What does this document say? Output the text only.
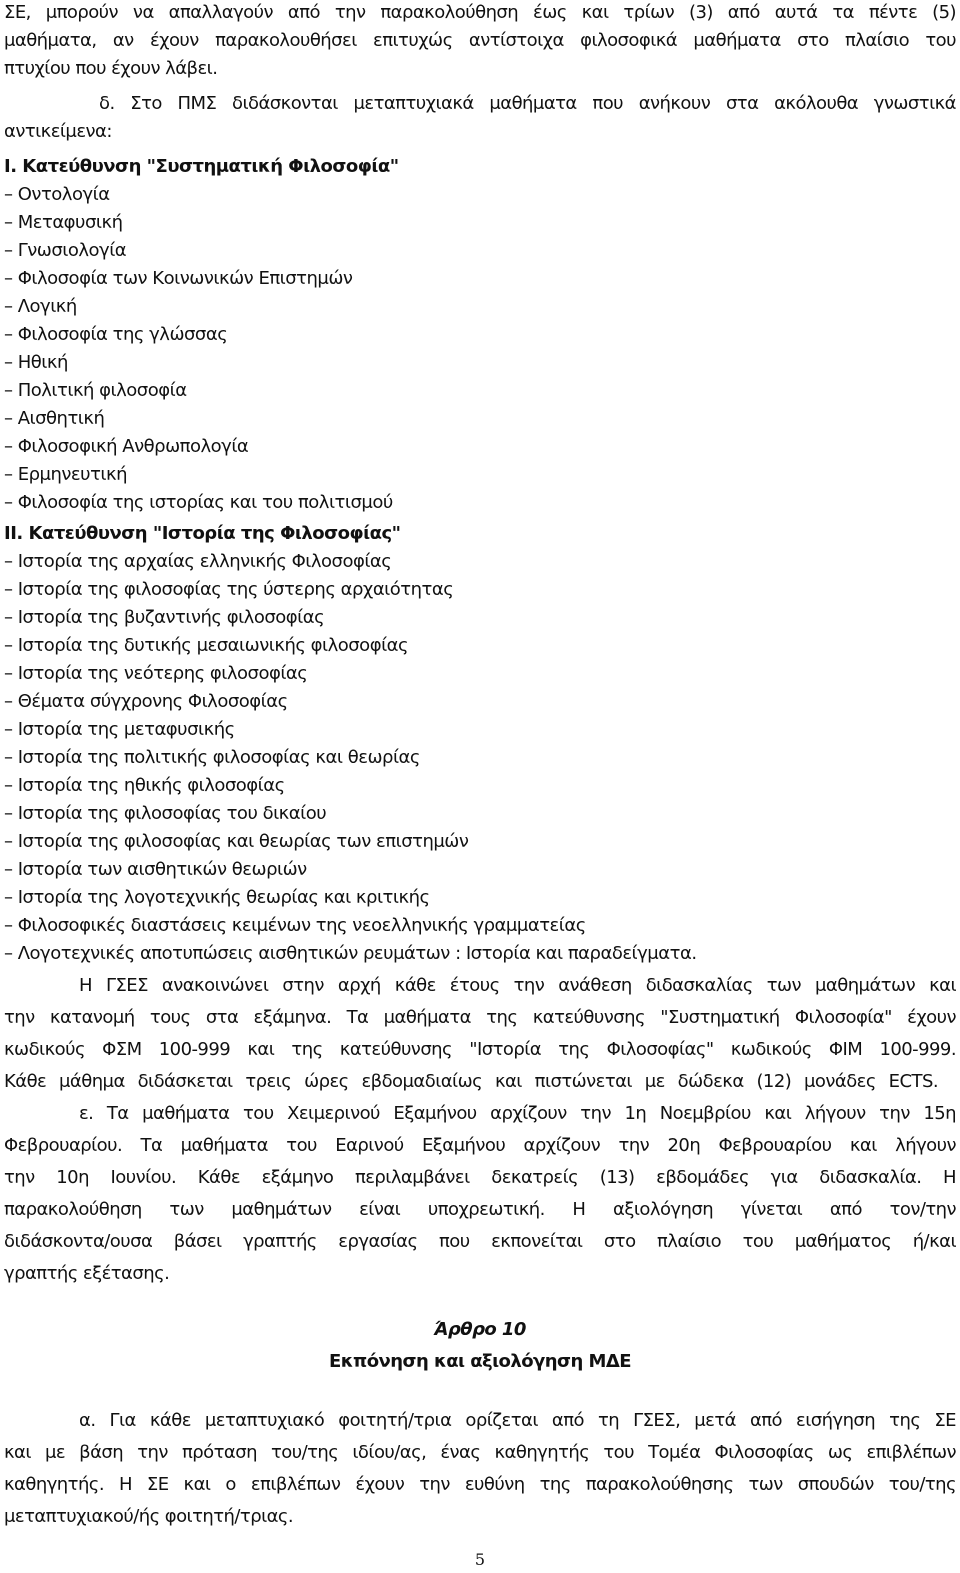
ΣΕ, μπορούν να απαλλαγούν από την παρακολούθηση έως και τρίων (3) από αυτά τα πέντε (5)
μαθήματα, αν έχουν παρακολουθήσει επιτυχώς αντίστοιχα φιλοσοφικά μαθήματα στο πλαίσιο του
πτυχίου που έχουν λάβει.
δ. Στο ΠΜΣ διδάσκονται μεταπτυχιακά μαθήματα που ανήκουν στα ακόλουθα γνωστικά
αντικείμενα:
Ι. Κατεύθυνση "Συστηματική Φιλοσοφία"
– Οντολογία
– Μεταφυσική
– Γνωσιολογία
– Φιλοσοφία των Κοινωνικών Επιστημών
– Λογική
– Φιλοσοφία της γλώσσας
– Ηθική
– Πολιτική φιλοσοφία
– Αισθητική
– Φιλοσοφική Ανθρωπολογία
– Ερμηνευτική
– Φιλοσοφία της ιστορίας και του πολιτισμού
ΙΙ. Κατεύθυνση "Ιστορία της Φιλοσοφίας"
– Ιστορία της αρχαίας ελληνικής Φιλοσοφίας
– Ιστορία της φιλοσοφίας της ύστερης αρχαιότητας
– Ιστορία της βυζαντινής φιλοσοφίας
– Ιστορία της δυτικής μεσαιωνικής φιλοσοφίας
– Ιστορία της νεότερης φιλοσοφίας
– Θέματα σύγχρονης Φιλοσοφίας
– Ιστορία της μεταφυσικής
– Ιστορία της πολιτικής φιλοσοφίας και θεωρίας
– Ιστορία της ηθικής φιλοσοφίας
– Ιστορία της φιλοσοφίας του δικαίου
– Ιστορία της φιλοσοφίας και θεωρίας των επιστημών
– Ιστορία των αισθητικών θεωριών
– Ιστορία της λογοτεχνικής θεωρίας και κριτικής
– Φιλοσοφικές διαστάσεις κειμένων της νεοελληνικής γραμματείας
– Λογοτεχνικές αποτυπώσεις αισθητικών ρευμάτων : Ιστορία και παραδείγματα.
Η ΓΣΕΣ ανακοινώνει στην αρχή κάθε έτους την ανάθεση διδασκαλίας των μαθημάτων και
την κατανομή τους στα εξάμηνα. Τα μαθήματα της κατεύθυνσης "Συστηματική Φιλοσοφία" έχουν
κωδικούς ΦΣΜ 100-999 και της κατεύθυνσης "Ιστορία της Φιλοσοφίας" κωδικούς ΦΙΜ 100-999.
Κάθε μάθημα διδάσκεται τρεις ώρες εβδομαδιαίως και πιστώνεται με δώδεκα (12) μονάδες ECTS.
ε. Τα μαθήματα του Χειμερινού Εξαμήνου αρχίζουν την 1η Νοεμβρίου και λήγουν την 15η
Φεβρουαρίου. Τα μαθήματα του Εαρινού Εξαμήνου αρχίζουν την 20η Φεβρουαρίου και λήγουν
την 10η Ιουνίου. Κάθε εξάμηνο περιλαμβάνει δεκατρείς (13) εβδομάδες για διδασκαλία. Η
παρακολούθηση των μαθημάτων είναι υποχρεωτική. Η αξιολόγηση γίνεται από τον/την
διδάσκοντα/ουσα βάσει γραπτής εργασίας που εκπονείται στο πλαίσιο του μαθήματος ή/και
γραπτής εξέτασης.
Άρθρο 10
Εκπόνηση και αξιολόγηση ΜΔΕ
α. Για κάθε μεταπτυχιακό φοιτητή/τρια ορίζεται από τη ΓΣΕΣ, μετά από εισήγηση της ΣΕ
και με βάση την πρόταση του/της ιδίου/ας, ένας καθηγητής του Τομέα Φιλοσοφίας ως επιβλέπων
καθηγητής. Η ΣΕ και ο επιβλέπων έχουν την ευθύνη της παρακολούθησης των σπουδών του/της
μεταπτυχιακού/ής φοιτητή/τριας.
5
